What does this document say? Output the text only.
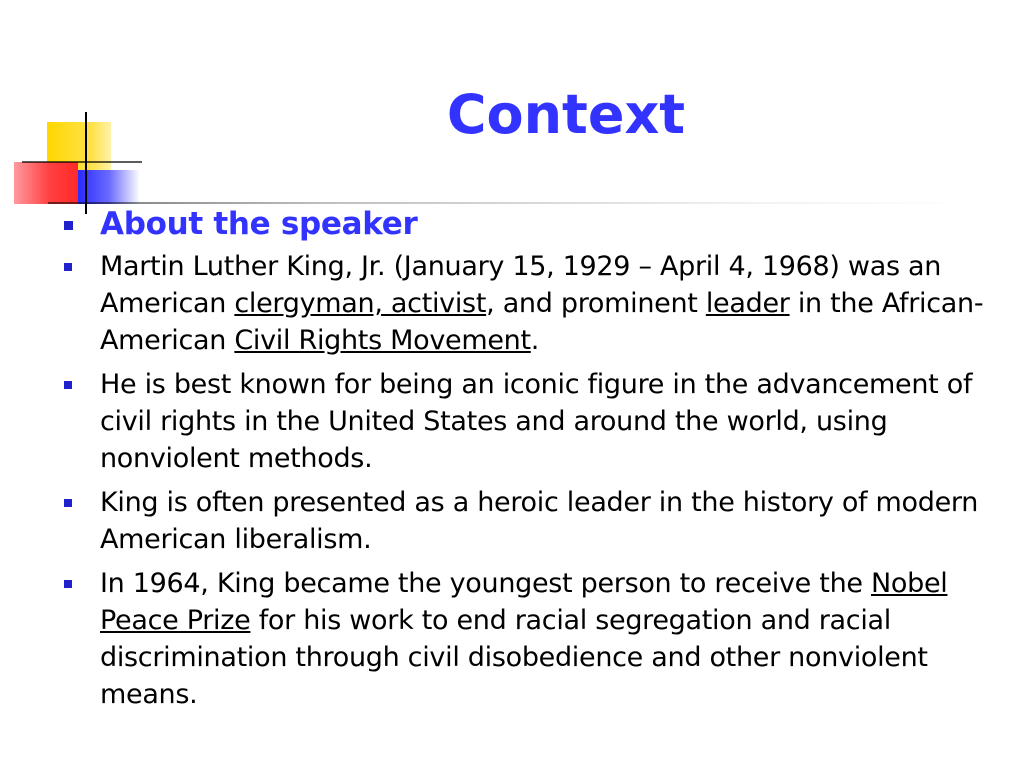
Context
About the speaker
Martin Luther King, Jr. (January 15, 1929 – April 4, 1968) was an American clergyman, activist, and prominent leader in the African-American Civil Rights Movement.
He is best known for being an iconic figure in the advancement of civil rights in the United States and around the world, using nonviolent methods.
King is often presented as a heroic leader in the history of modern American liberalism.
In 1964, King became the youngest person to receive the Nobel Peace Prize for his work to end racial segregation and racial discrimination through civil disobedience and other nonviolent means.
